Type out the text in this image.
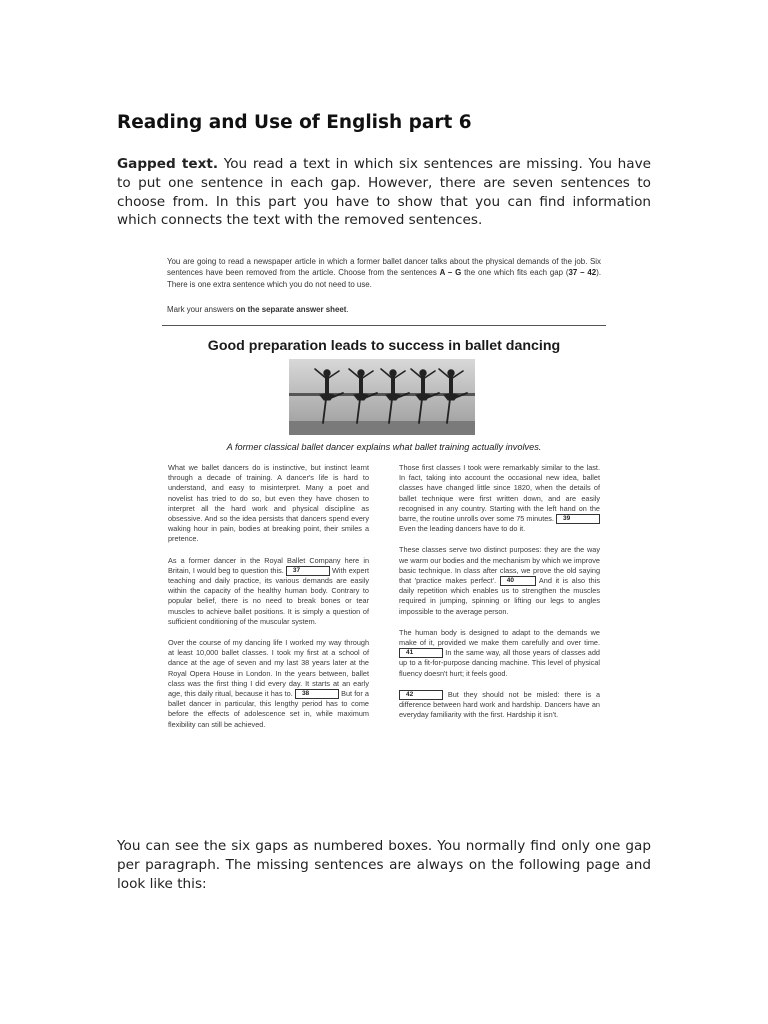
Reading and Use of English part 6
Gapped text. You read a text in which six sentences are missing. You have to put one sentence in each gap. However, there are seven sentences to choose from. In this part you have to show that you can find information which connects the text with the removed sentences.
You are going to read a newspaper article in which a former ballet dancer talks about the physical demands of the job. Six sentences have been removed from the article. Choose from the sentences A – G the one which fits each gap (37 – 42). There is one extra sentence which you do not need to use.
Mark your answers on the separate answer sheet.
Good preparation leads to success in ballet dancing
A former classical ballet dancer explains what ballet training actually involves.

What we ballet dancers do is instinctive, but instinct learnt through a decade of training. A dancer's life is hard to understand, and easy to misinterpret. Many a poet and novelist has tried to do so, but even they have chosen to interpret all the hard work and physical discipline as obsessive. And so the idea persists that dancers spend every waking hour in pain, bodies at breaking point, their smiles a pretence.

As a former dancer in the Royal Ballet Company here in Britain, I would beg to question this. 37	With expert teaching and daily practice, its various demands are easily within the capacity of the healthy human body. Contrary to popular belief, there is no need to break bones or tear muscles to achieve ballet positions. It is simply a question of sufficient conditioning of the muscular system.

Over the course of my dancing life I worked my way through at least 10,000 ballet classes. I took my first at a school of dance at the age of seven and my last 38 years later at the Royal Opera House in London. In the years between, ballet class was the first thing I did every day. It starts at an early age, this daily ritual, because it has to. 38	But for a ballet dancer in particular, this lengthy period has to come before the effects of adolescence set in, while maximum flexibility can still be achieved.

Those first classes I took were remarkably similar to the last. In fact, taking into account the occasional new idea, ballet classes have changed little since 1820, when the details of ballet technique were first written down, and are easily recognised in any country. Starting with the left hand on the barre, the routine unrolls over some 75 minutes. 39 Even the leading dancers have to do it.

These classes serve two distinct purposes: they are the way we warm our bodies and the mechanism by which we improve basic technique. In class after class, we prove the old saying that 'practice makes perfect'. 40	And it is also this daily repetition which enables us to strengthen the muscles required in jumping, spinning or lifting our legs to angles impossible to the average person.

The human body is designed to adapt to the demands we make of it, provided we make them carefully and over time. 41	In the same way, all those years of classes add up to a fit-for-purpose dancing machine. This level of physical fluency doesn't hurt; it feels good.

42	But they should not be misled: there is a difference between hard work and hardship. Dancers have an everyday familiarity with the first. Hardship it isn't.

You can see the six gaps as numbered boxes. You normally find only one gap per paragraph. The missing sentences are always on the following page and look like this:
